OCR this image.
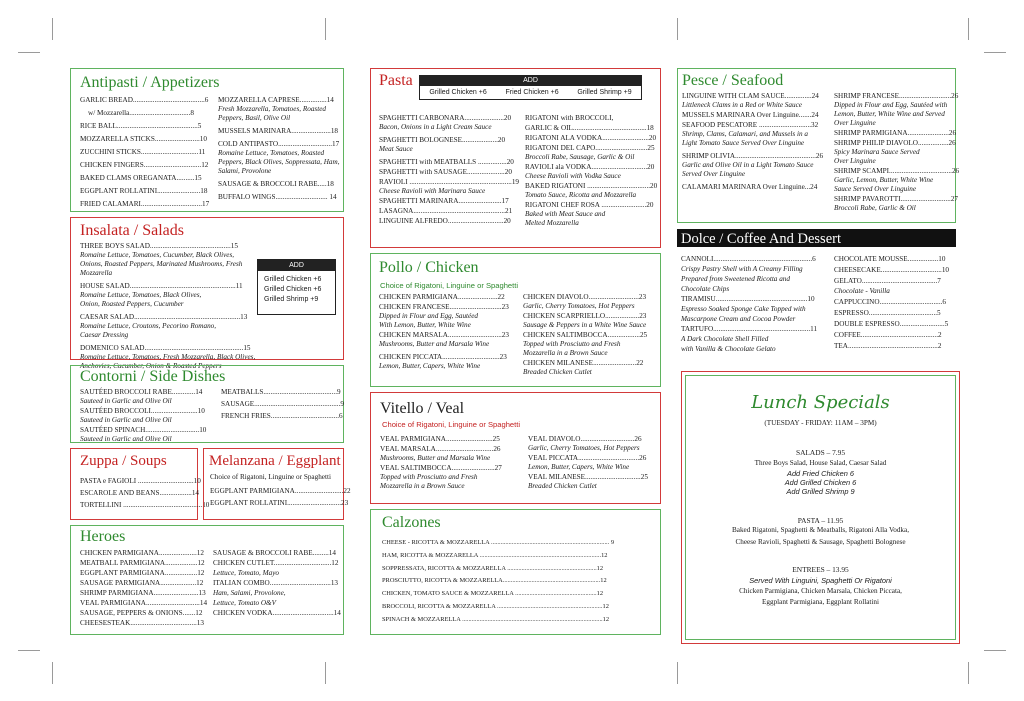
Antipasti / Appetizers
GARLIC BREAD........................................6
w/ Mozzarella..................................8
RICE BALL.............................................5
MOZZARELLA STICKS.........................10
ZUCCHINI STICKS................................11
CHICKEN FINGERS................................12
BAKED CLAMS OREGANATA..........15
EGGPLANT ROLLATINI........................18
FRIED CALAMARI..................................17
MOZZARELLA CAPRESE...............14
Fresh Mozzarella, Tomatoes, Roasted Peppers, Basil, Olive Oil
MUSSELS MARINARA......................18
COLD ANTIPASTO..............................17
Romaine Lettuce, Tomatoes, Roasted Peppers, Black Olives, Soppressata, Ham, Salami, Provolone
SAUSAGE & BROCCOLI RABE.....18
BUFFALO WINGS............................. 14
Insalata / Salads
THREE BOYS SALAD.............................................15
Romaine Lettuce, Tomatoes, Cucumber, Black Olives, Onions, Roasted Peppers, Marinated Mushrooms, Fresh Mozzarella
HOUSE SALAD...........................................................11
Romaine Lettuce, Tomatoes, Black Olives, Onion, Roasted Peppers, Cucumber
CAESAR SALAD...........................................................13
Romaine Lettuce, Croutons, Pecorino Romano, Caesar Dressing
DOMENICO SALAD.......................................................15
Romaine Lettuce, Tomatoes, Fresh Mozzarella, Black Olives, Anchovies, Cucumber, Onion & Roasted Peppers
ADD
Grilled Chicken +6
Grilled Chicken +6
Grilled Shrimp +9
Contorni / Side Dishes
SAUTÉED BROCCOLI RABE.............14
Sauteed in Garlic and Olive Oil
SAUTÉED BROCCOLI..........................10
Sauteed in Garlic and Olive Oil
SAUTÉED SPINACH..............................10
Sauteed in Garlic and Olive Oil
MEATBALLS.........................................9
SAUSAGE................................................9
FRENCH FRIES......................................6
Zuppa / Soups
PASTA e FAGIOLI ...............................10
ESCAROLE AND BEANS..................14
TORTELLINI ............................................10
Melanzana / Eggplant
Choice of Rigatoni, Linguine or Spaghetti
EGGPLANT PARMIGIANA...........................22
EGGPLANT ROLLATINI..............................23
Heroes
CHICKEN PARMIGIANA.....................12
MEATBALL PARMIGIANA..................12
EGGPLANT PARMIGIANA..................12
SAUSAGE PARMIGIANA....................12
SHRIMP PARMIGIANA.........................13
VEAL PARMIGIANA..............................14
SAUSAGE, PEPPERS & ONIONS.......12
CHEESESTEAK.....................................13
SAUSAGE & BROCCOLI RABE.........14
CHICKEN CUTLET................................12
Lettuce, Tomato, Mayo
ITALIAN COMBO..................................13
Ham, Salami, Provolone, Lettuce, Tomato O&V
CHICKEN VODKA..................................14
Pasta	ADD
Grilled Chicken +6	Fried Chicken +6	Grilled Shrimp +9
SPAGHETTI CARBONARA......................20
Bacon, Onions in a Light Cream Sauce
SPAGHETTI BOLOGNESE....................20
Meat Sauce
SPAGHETTI with MEATBALLS ................20
SPAGHETTI with SAUSAGE.....................20
RAVIOLI .........................................................19
Cheese Ravioli with Marinara Sauce
SPAGHETTI MARINARA........................17
LASAGNA...................................................21
LINGUINE ALFREDO...............................20
RIGATONI with BROCCOLI,
GARLIC & OIL.........................................18
RIGATONI ALA VODKA..........................20
RIGATONI DEL CAPO.............................25
Broccoli Rabe, Sausage, Garlic & Oil
RAVIOLI ala VODKA...............................20
Cheese Ravioli with Vodka Sauce
BAKED RIGATONI ...................................20
Tomato Sauce, Ricotta and Mozzarella
RIGATONI CHEF ROSA .........................20
Baked with Meat Sauce and Melted Mozzarella
Pollo / Chicken
Choice of Rigatoni, Linguine or Spaghetti
CHICKEN PARMIGIANA......................22
CHICKEN FRANCESE.............................23
Dipped in Flour and Egg, Sautéed With Lemon, Butter, White Wine
CHICKEN MARSALA..............................23
Mushrooms, Butter and Marsala Wine
CHICKEN PICCATA................................23
Lemon, Butter, Capers, White Wine
CHICKEN DIAVOLO............................23
Garlic, Cherry Tomatoes, Hot Peppers
CHICKEN SCARPRIELLO...................23
Sausage & Peppers in a White Wine Sauce
CHICKEN SALTIMBOCCA..................25
Topped with Prosciutto and Fresh Mozzarella in a Brown Sauce
CHICKEN MILANESE........................22
Breaded Chicken Cutlet
Vitello / Veal
Choice of Rigatoni, Linguine or Spaghetti
VEAL PARMIGIANA..........................25
VEAL MARSALA................................26
Mushrooms, Butter and Marsala Wine
VEAL SALTIMBOCCA........................27
Topped with Prosciutto and Fresh Mozzarella in a Brown Sauce
VEAL DIAVOLO..............................26
Garlic, Cherry Tomatoes, Hot Peppers
VEAL PICCATA..................................26
Lemon, Butter, Capers, White Wine
VEAL MILANESE...............................25
Breaded Chicken Cutlet
Calzones
CHEESE - RICOTTA & MOZZARELLA .......................................................................... 9
HAM, RICOTTA & MOZZARELLA ............................................................................12
SOPPRESSATA, RICOTTA & MOZZARELLA ........................................................12
PROSCIUTTO, RICOTTA & MOZZARELLA.............................................................12
CHICKEN, TOMATO SAUCE & MOZZARELLA ...................................................12
BROCCOLI, RICOTTA & MOZZARELLA ..................................................................12
SPINACH & MOZZARELLA ........................................................................................12
Pesce / Seafood
LINGUINE WITH CLAM SAUCE...............24
Littleneck Clams in a Red or White Sauce
MUSSELS MARINARA Over Linguine.......24
SEAFOOD PESCATORE .............................32
Shrimp, Clams, Calamari, and Mussels in a Light Tomato Sauce Served Over Linguine
SHRIMP OLIVIA.............................................26
Garlic and Olive Oil in a Light Tomato Sauce Served Over Linguine
CALAMARI MARINARA Over Linguine...24
SHRIMP FRANCESE.............................26
Dipped in Flour and Egg, Sautéed with Lemon, Butter, White Wine and Served Over Linguine
SHRIMP PARMIGIANA.......................26
SHRIMP PHILIP DIAVOLO.................26
Spicy Marinara Sauce Served Over Linguine
SHRIMP SCAMPI...................................26
Garlic, Lemon, Butter, White Wine Sauce Served Over Linguine
SHRIMP PAVAROTTI............................27
Broccoli Rabe, Garlic & Oil
Dolce / Coffee And Dessert
CANNOLI.......................................................6
Crispy Pastry Shell with A Creamy Filling Prepared from Sweetened Ricotta and Chocolate Chips
TIRAMISU...................................................10
Espresso Soaked Sponge Cake Topped with Mascarpone Cream and Cocoa Powder
TARTUFO......................................................11
A Dark Chocolate Shell Filled with Vanilla & Chocolate Gelato
CHOCOLATE MOUSSE.................10
CHEESECAKE..................................10
GELATO..........................................7
Chocolate - Vanilla
CAPPUCCINO...................................6
ESPRESSO......................................5
DOUBLE ESPRESSO.........................5
COFFEE...........................................2
TEA..................................................2
Lunch Specials
(TUESDAY - FRIDAY: 11AM – 3PM)
SALADS – 7.95
Three Boys Salad, House Salad, Caesar Salad
Add Fried Chicken 6
Add Grilled Chicken 6
Add Grilled Shrimp 9
PASTA – 11.95
Baked Rigatoni, Spaghetti & Meatballs, Rigatoni Alla Vodka,
Cheese Ravioli, Spaghetti & Sausage, Spaghetti Bolognese
ENTREES – 13.95
Served With Linguini, Spaghetti Or Rigatoni
Chicken Parmigiana, Chicken Marsala, Chicken Piccata,
Eggplant Parmigiana, Eggplant Rollatini
